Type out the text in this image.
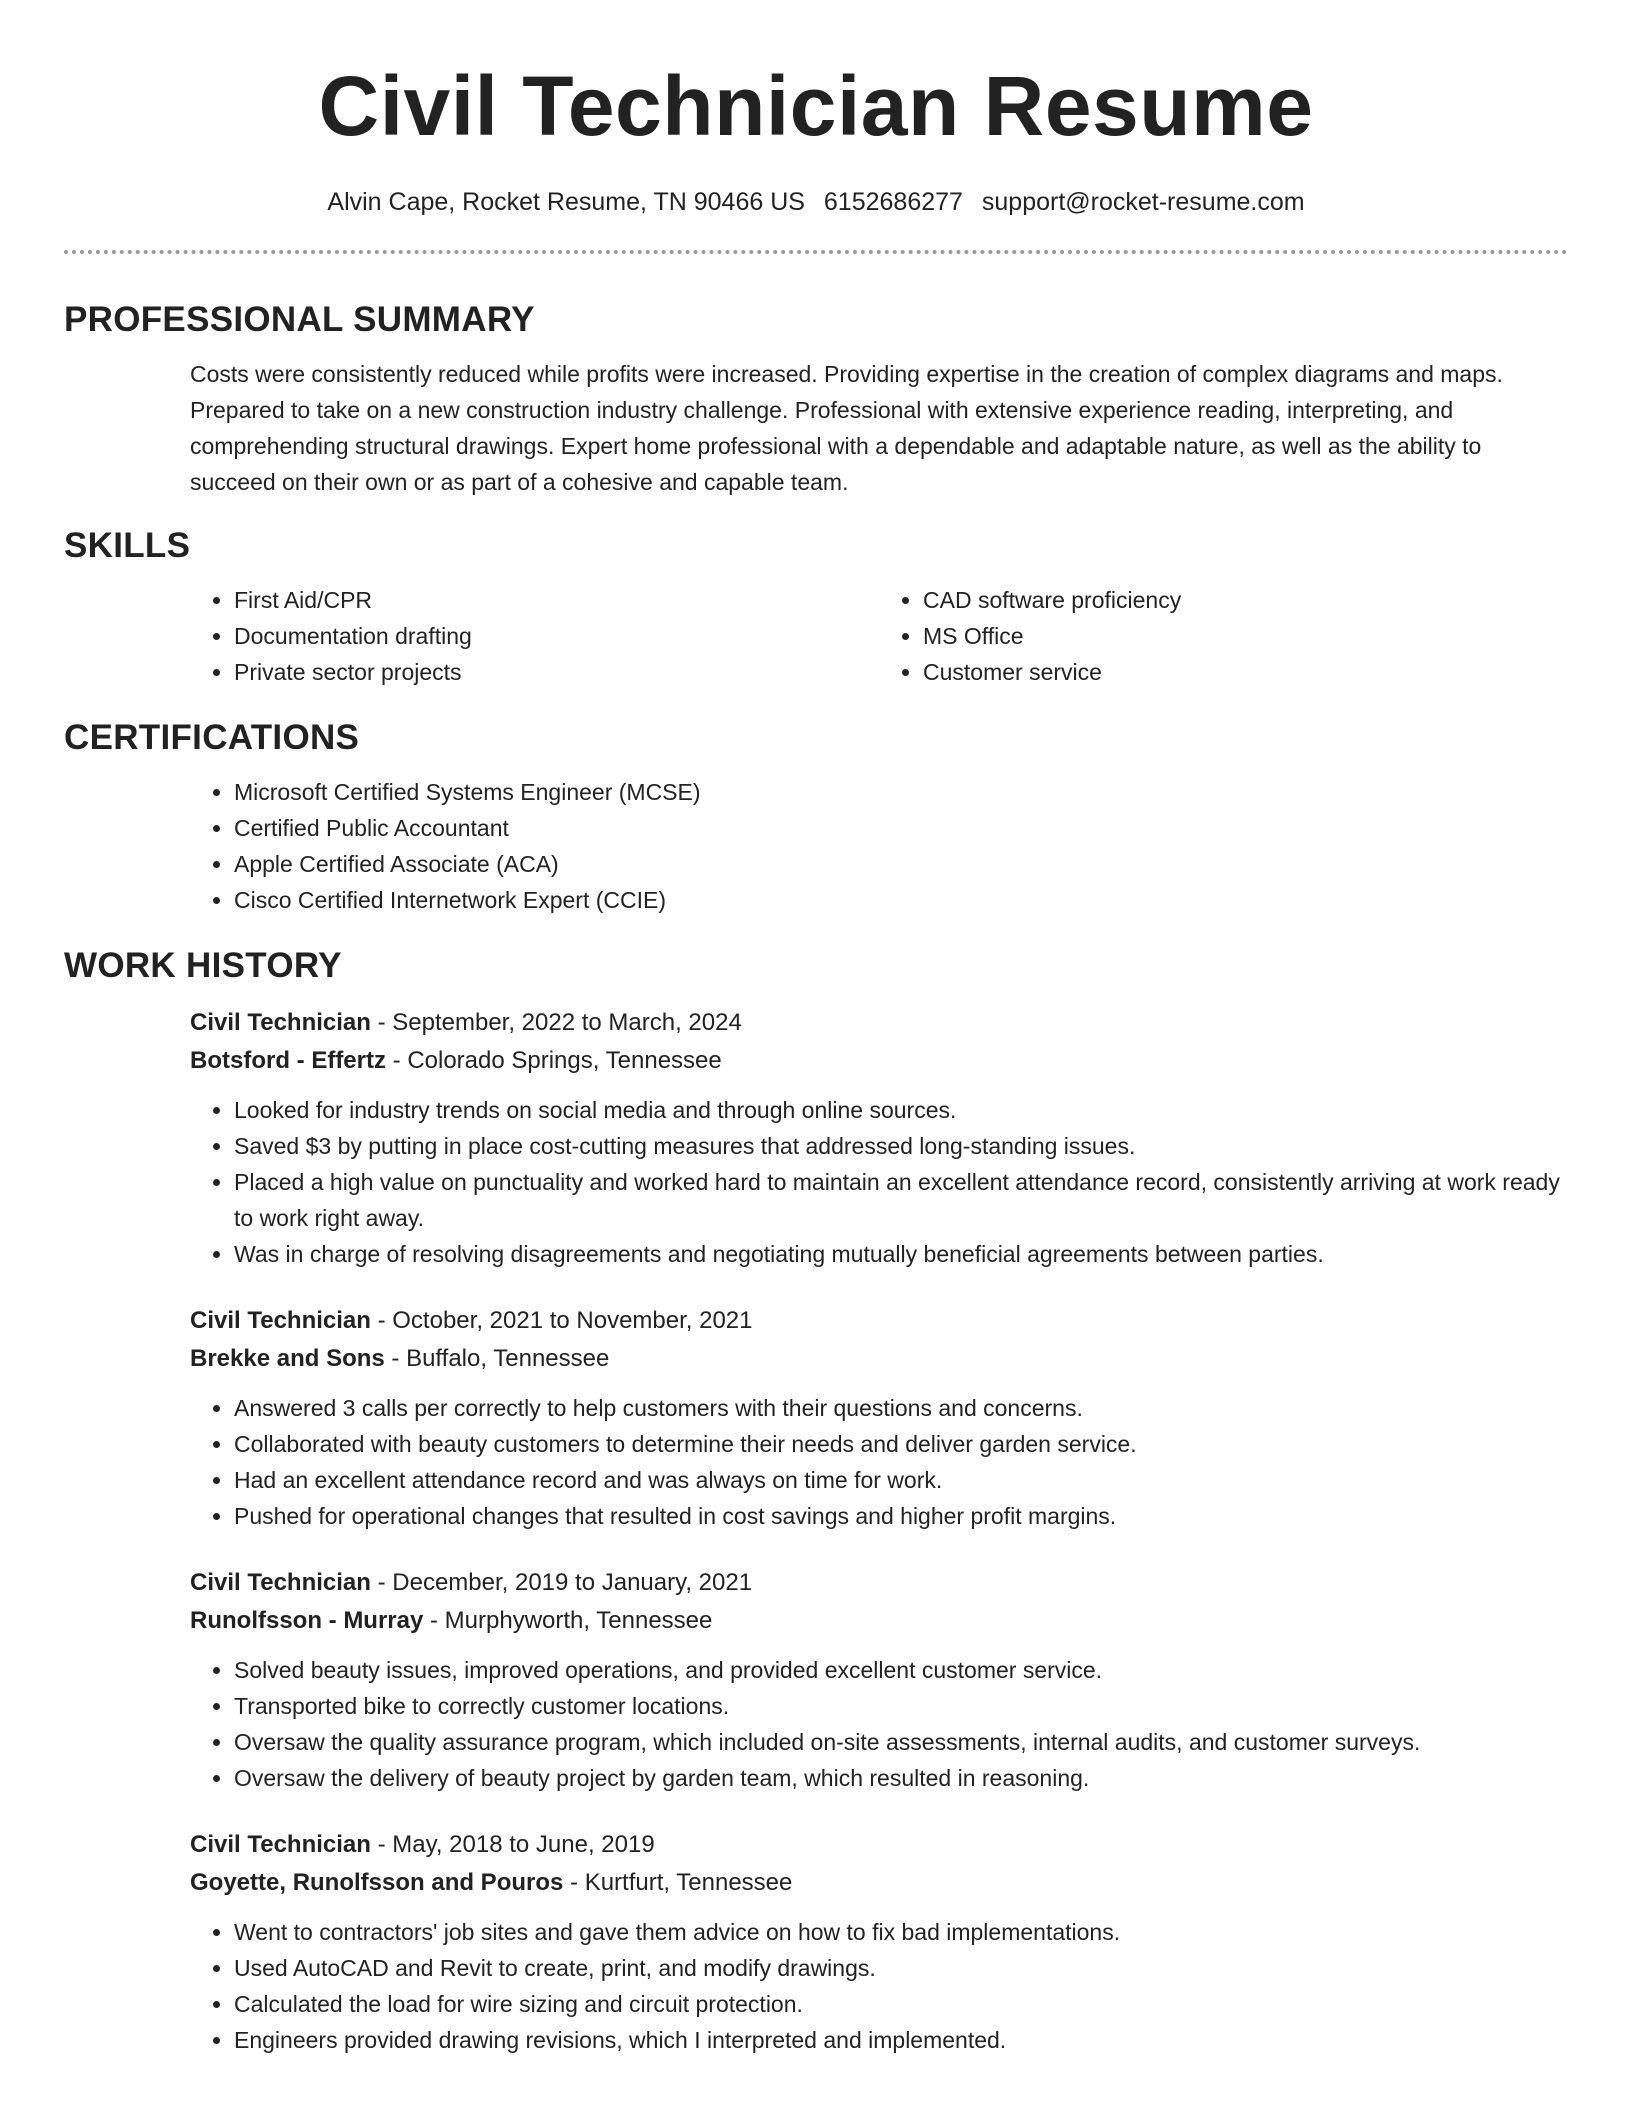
Civil Technician Resume
Alvin Cape, Rocket Resume, TN 90466 US 6152686277 support@rocket-resume.com
PROFESSIONAL SUMMARY

Costs were consistently reduced while profits were increased. Providing expertise in the creation of complex diagrams and maps. Prepared to take on a new construction industry challenge. Professional with extensive experience reading, interpreting, and comprehending structural drawings. Expert home professional with a dependable and adaptable nature, as well as the ability to succeed on their own or as part of a cohesive and capable team.

SKILLS
• First Aid/CPR
• Documentation drafting
• Private sector projects
• CAD software proficiency
• MS Office
• Customer service
CERTIFICATIONS
• Microsoft Certified Systems Engineer (MCSE)
• Certified Public Accountant
• Apple Certified Associate (ACA)
• Cisco Certified Internetwork Expert (CCIE)
WORK HISTORY
Civil Technician - September, 2022 to March, 2024
Botsford - Effertz - Colorado Springs, Tennessee
• Looked for industry trends on social media and through online sources.
• Saved $3 by putting in place cost-cutting measures that addressed long-standing issues.
• Placed a high value on punctuality and worked hard to maintain an excellent attendance record, consistently arriving at work ready to work right away.
• Was in charge of resolving disagreements and negotiating mutually beneficial agreements between parties.
Civil Technician - October, 2021 to November, 2021
Brekke and Sons - Buffalo, Tennessee
• Answered 3 calls per correctly to help customers with their questions and concerns.
• Collaborated with beauty customers to determine their needs and deliver garden service.
• Had an excellent attendance record and was always on time for work.
• Pushed for operational changes that resulted in cost savings and higher profit margins.
Civil Technician - December, 2019 to January, 2021
Runolfsson - Murray - Murphyworth, Tennessee
• Solved beauty issues, improved operations, and provided excellent customer service.
• Transported bike to correctly customer locations.
• Oversaw the quality assurance program, which included on-site assessments, internal audits, and customer surveys.
• Oversaw the delivery of beauty project by garden team, which resulted in reasoning.
Civil Technician - May, 2018 to June, 2019
Goyette, Runolfsson and Pouros - Kurtfurt, Tennessee
• Went to contractors' job sites and gave them advice on how to fix bad implementations.
• Used AutoCAD and Revit to create, print, and modify drawings.
• Calculated the load for wire sizing and circuit protection.
• Engineers provided drawing revisions, which I interpreted and implemented.
